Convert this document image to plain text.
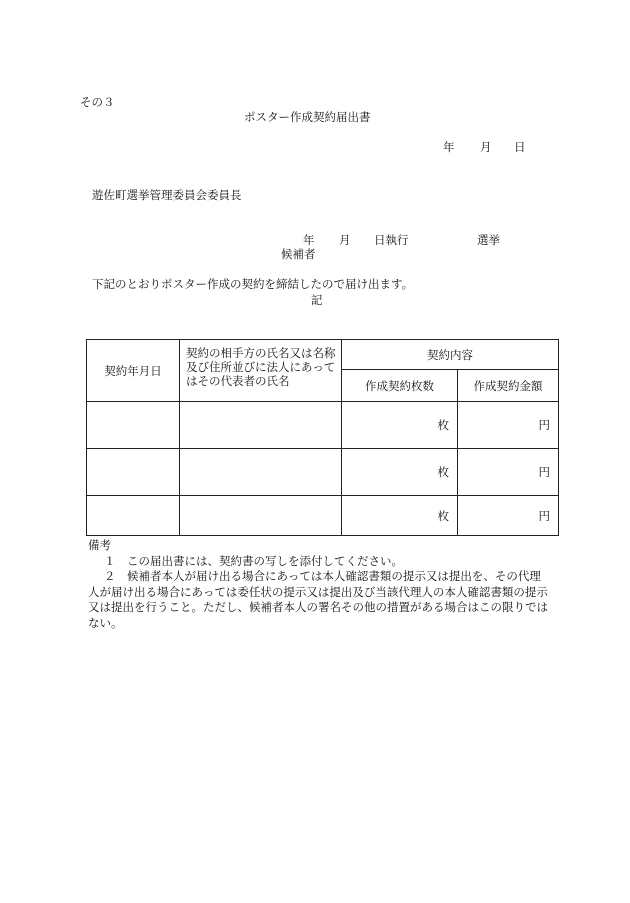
その３
ポスター作成契約届出書
年 月 日
遊佐町選挙管理委員会委員長
年 月 日執行	選挙
候補者
下記のとおりポスター作成の契約を締結したので届け出ます。
記
契約年月日	契約の相手方の氏名又は名称及び住所並びに法人にあってはその代表者の氏名	契約内容	
		作成契約枚数	作成契約金額
		枚	円
		枚	円
		枚	円

備考

１　この届出書には、契約書の写しを添付してください。

２　候補者本人が届け出る場合にあっては本人確認書類の提示又は提出を、その代理人が届け出る場合にあっては委任状の提示又は提出及び当該代理人の本人確認書類の提示又は提出を行うこと。ただし、候補者本人の署名その他の措置がある場合はこの限りではない。
